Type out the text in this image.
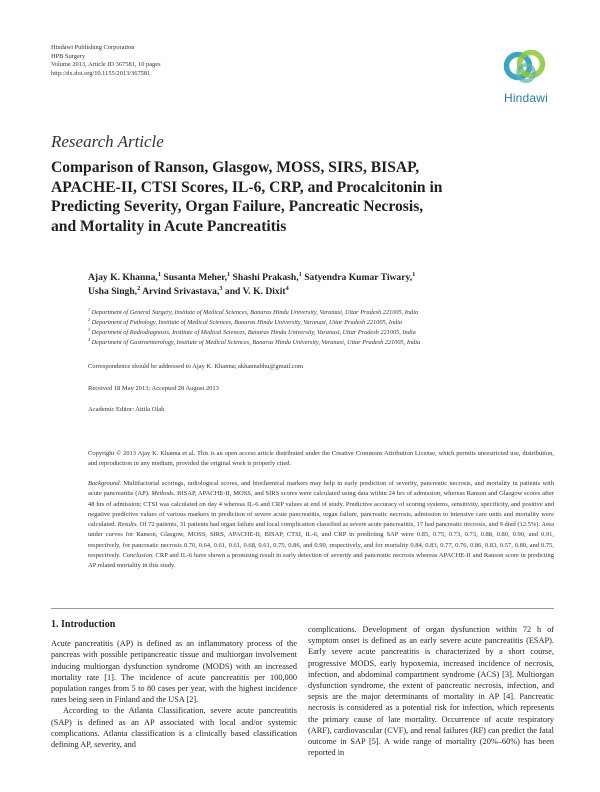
Hindawi Publishing Corporation
HPB Surgery
Volume 2013, Article ID 367581, 10 pages
http://dx.doi.org/10.1155/2013/367581
Hindawi
Research Article
Comparison of Ranson, Glasgow, MOSS, SIRS, BISAP,
APACHE-II, CTSI Scores, IL-6, CRP, and Procalcitonin in
Predicting Severity, Organ Failure, Pancreatic Necrosis,
and Mortality in Acute Pancreatitis
Ajay K. Khanna,$^1$ Susanta Meher,$^1$ Shashi Prakash,$^1$ Satyendra Kumar Tiwary,$^1$
Usha Singh,$^2$ Arvind Srivastava,$^3$ and V. K. Dixit$^4$
$^1$ Department of General Surgery, Institute of Medical Sciences, Banaras Hindu University, Varanasi, Uttar Pradesh 221005, India
$^2$ Department of Pathology, Institute of Medical Sciences, Banaras Hindu University, Varanasi, Uttar Pradesh 221005, India
$^3$ Department of Radiodiagnosis, Institute of Medical Sciences, Banaras Hindu University, Varanasi, Uttar Pradesh 221005, India
$^4$ Department of Gastroenterology, Institute of Medical Sciences, Banaras Hindu University, Varanasi, Uttar Pradesh 221005, India
Correspondence should be addressed to Ajay K. Khanna; akhannabhu@gmail.com
Received 18 May 2013; Accepted 28 August 2013
Academic Editor: Attila Olah
Copyright © 2013 Ajay K. Khanna et al. This is an open access article distributed under the Creative Commons Attribution License, which permits unrestricted use, distribution, and reproduction in any medium, provided the original work is properly cited.
Background. Multifactorial scorings, radiological scores, and biochemical markers may help in early prediction of severity, pancreatic necrosis, and mortality in patients with acute pancreatitis (AP). Methods. BISAP, APACHE-II, MOSS, and SIRS scores were calculated using data within 24 hrs of admission, whereas Ranson and Glasgow scores after 48 hrs of admission; CTSI was calculated on day 4 whereas IL-6 and CRP values at end of study. Predictive accuracy of scoring systems, sensitivity, specificity, and positive and negative predictive values of various markers in prediction of severe acute pancreatitis, organ failure, pancreatic necrosis, admission to intensive care units and mortality were calculated. Results. Of 72 patients, 31 patients had organ failure and local complication classified as severe acute pancreatitis, 17 had pancreatic necrosis, and 9 died (12.5%). Area under curves for Ranson, Glasgow, MOSS, SIRS, APACHE-II, BISAP, CTSI, IL-6, and CRP in predicting SAP were 0.85, 0.75, 0.73, 0.73, 0.88, 0.80, 0.90, and 0.91, respectively, for pancreatic necrosis 0.70, 0.64, 0.61, 0.61, 0.68, 0.61, 0.75, 0.86, and 0.90, respectively, and for mortality 0.84, 0.83, 0.77, 0.76, 0.86, 0.83, 0.57, 0.80, and 0.75, respectively. Conclusion. CRP and IL-6 have shown a promising result in early detection of severity and pancreatic necrosis whereas APACHE-II and Ranson score in predicting AP related mortality in this study.

1. Introduction

Acute pancreatitis (AP) is defined as an inflammatory process of the pancreas with possible peripancreatic tissue and multiorgan involvement inducing multiorgan dysfunction syndrome (MODS) with an increased mortality rate [1]. The incidence of acute pancreatitis per 100,000 population ranges from 5 to 80 cases per year, with the highest incidence rates being seen in Finland and the USA [2].

According to the Atlanta Classification, severe acute pancreatitis (SAP) is defined as an AP associated with local and/or systemic complications. Atlanta classification is a clinically based classification defining AP, severity, and

complications. Development of organ dysfunction within 72 h of symptom onset is defined as an early severe acute pancreatitis (ESAP). Early severe acute pancreatitis is characterized by a short course, progressive MODS, early hypoxemia, increased incidence of necrosis, infection, and abdominal compartment syndrome (ACS) [3]. Multiorgan dysfunction syndrome, the extent of pancreatic necrosis, infection, and sepsis are the major determinants of mortality in AP [4]. Pancreatic necrosis is considered as a potential risk for infection, which represents the primary cause of late mortality. Occurrence of acute respiratory (ARF), cardiovascular (CVF), and renal failures (RF) can predict the fatal outcome in SAP [5]. A wide range of mortality (20%–60%) has been reported in
